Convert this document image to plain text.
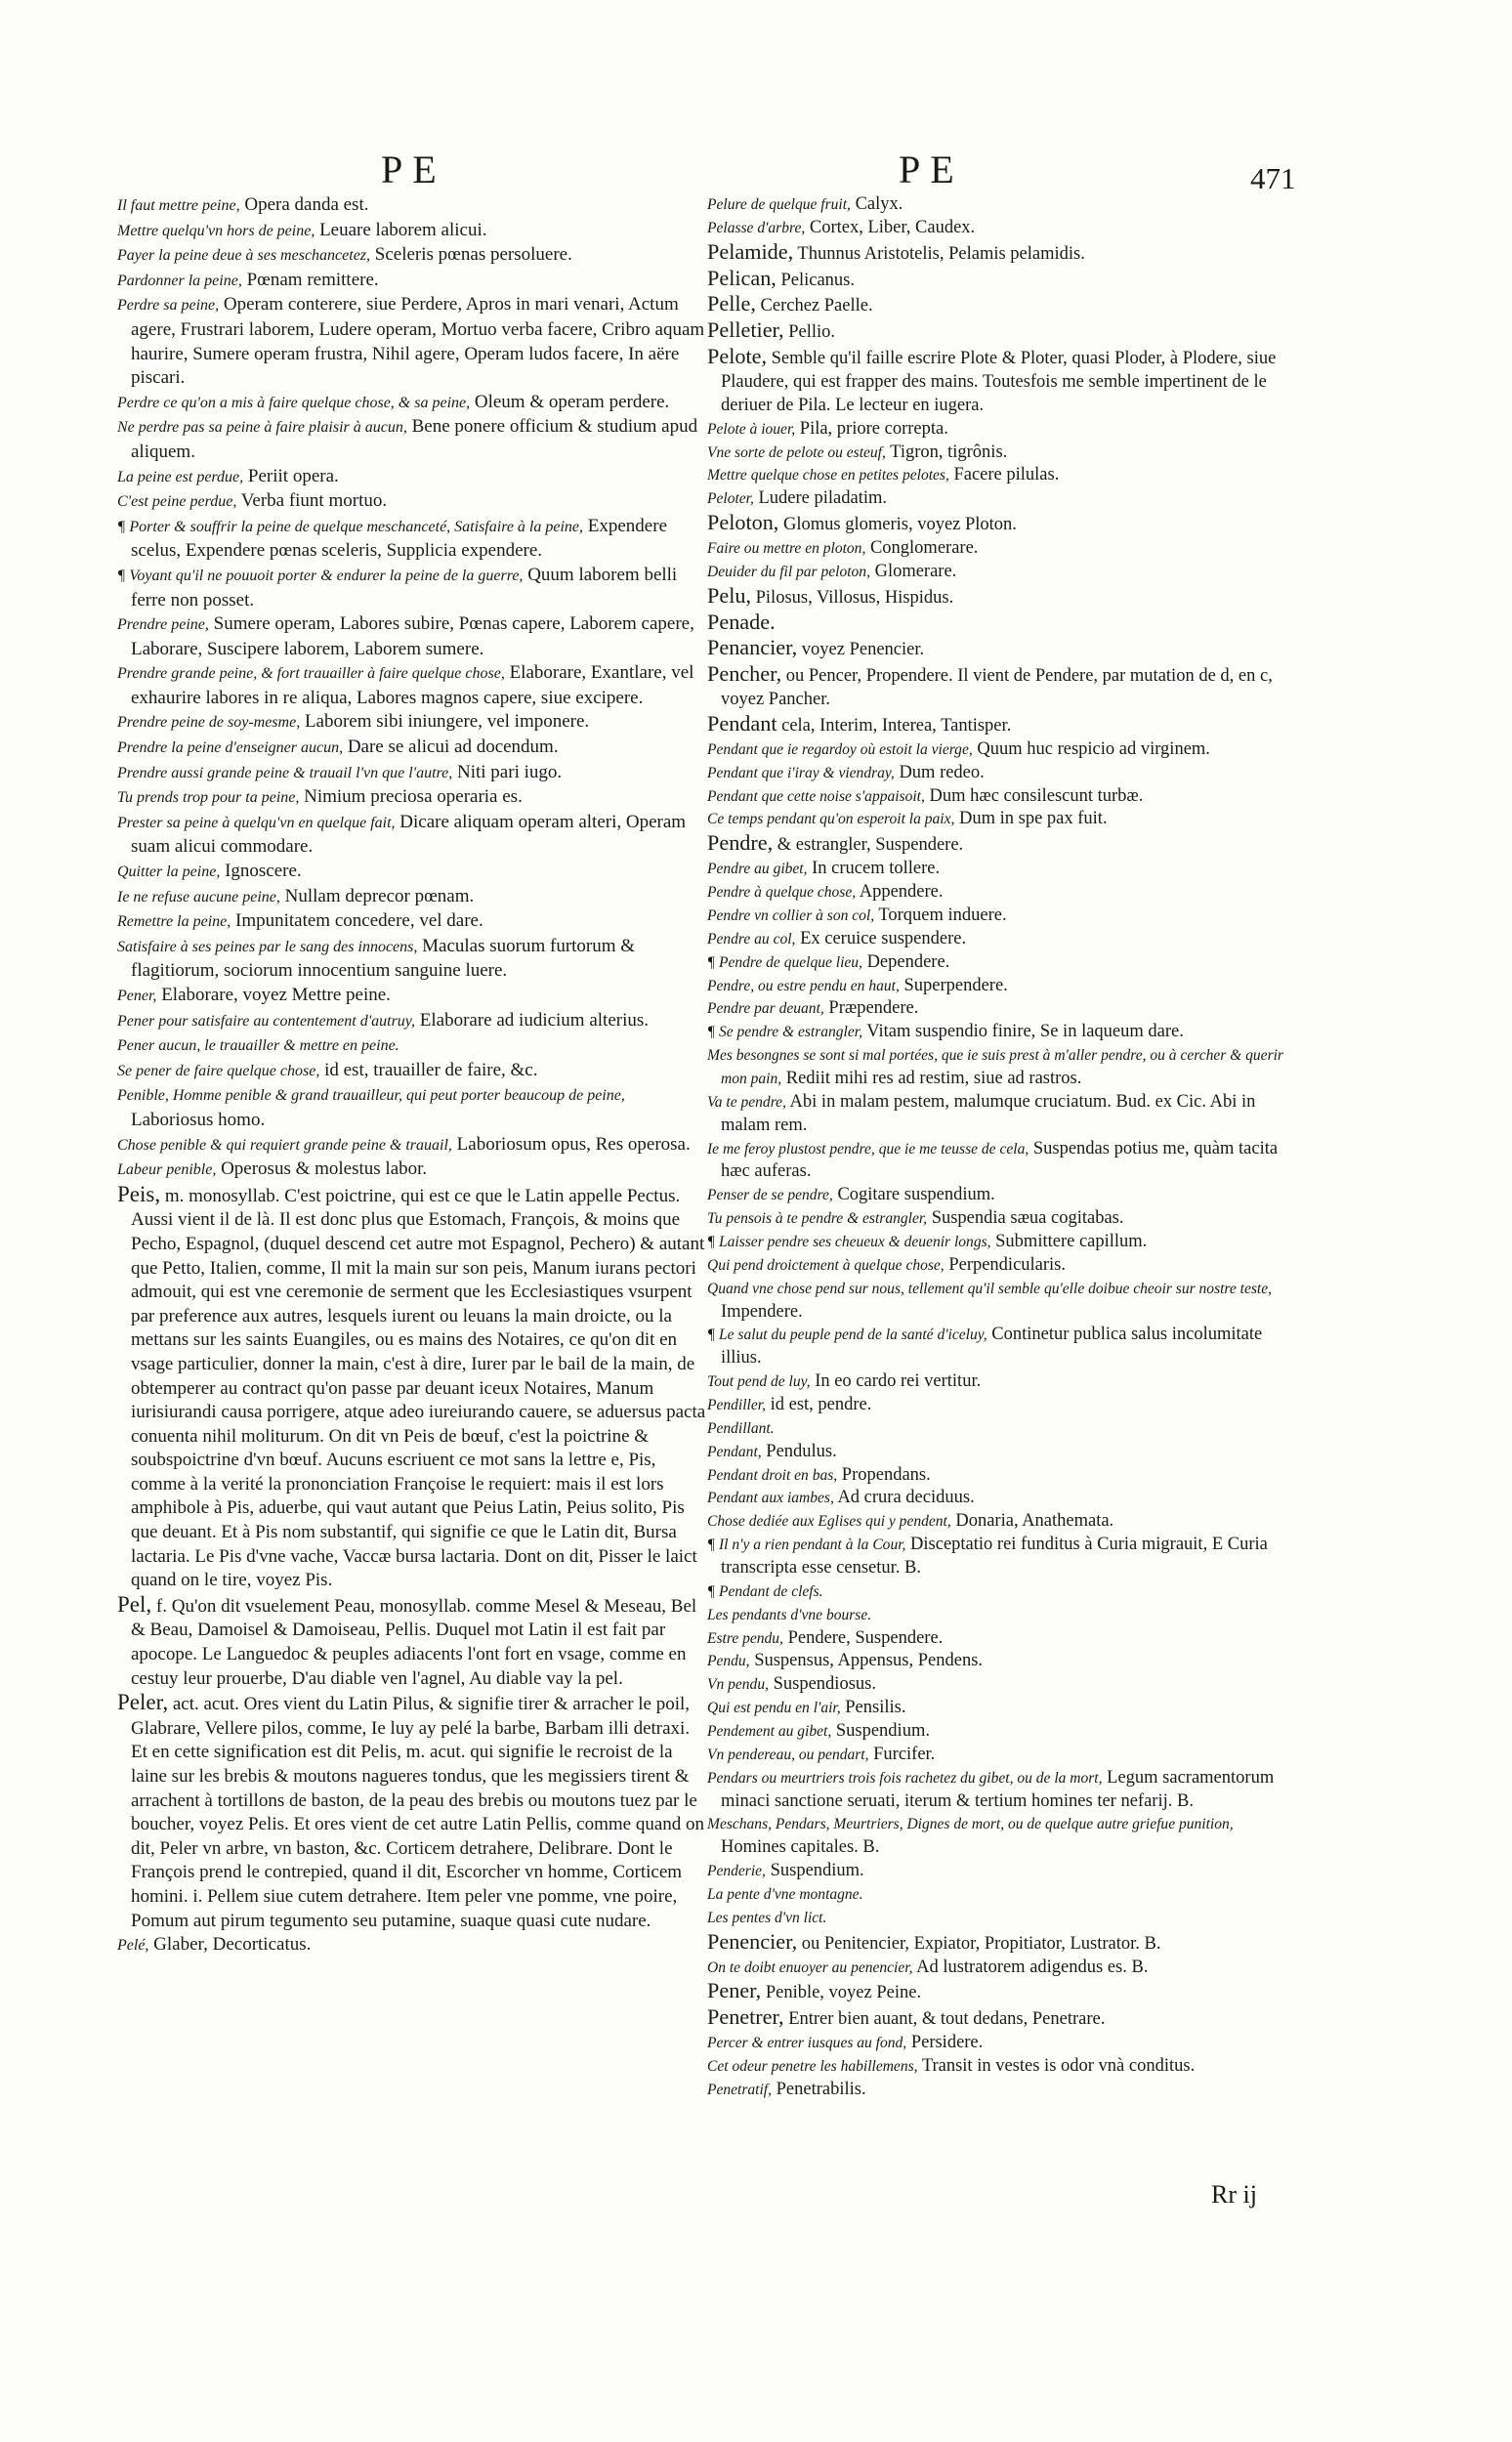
PE	PE	471

Il faut mettre peine, Opera danda est.

Mettre quelqu'vn hors de peine, Leuare laborem alicui.

Payer la peine deue à ses meschancetez, Sceleris pœnas persoluere.

Pardonner la peine, Pœnam remittere.

Perdre sa peine, Operam conterere, siue Perdere, Apros in mari venari, Actum agere, Frustrari laborem, Ludere operam, Mortuo verba facere, Cribro aquam haurire, Sumere operam frustra, Nihil agere, Operam ludos facere, In aëre piscari.

Perdre ce qu'on a mis à faire quelque chose, & sa peine, Oleum & operam perdere.

Ne perdre pas sa peine à faire plaisir à aucun, Bene ponere officium & studium apud aliquem.

La peine est perdue, Periit opera.

C'est peine perdue, Verba fiunt mortuo.

¶ Porter & souffrir la peine de quelque meschanceté, Satisfaire à la peine, Expendere scelus, Expendere pœnas sceleris, Supplicia expendere.

¶ Voyant qu'il ne pouuoit porter & endurer la peine de la guerre, Quum laborem belli ferre non posset.

Prendre peine, Sumere operam, Labores subire, Pœnas capere, Laborem capere, Laborare, Suscipere laborem, Laborem sumere.

Prendre grande peine, & fort trauailler à faire quelque chose, Elaborare, Exantlare, vel exhaurire labores in re aliqua, Labores magnos capere, siue excipere.

Prendre peine de soy-mesme, Laborem sibi iniungere, vel imponere.

Prendre la peine d'enseigner aucun, Dare se alicui ad docendum.

Prendre aussi grande peine & trauail l'vn que l'autre, Niti pari iugo.

Tu prends trop pour ta peine, Nimium preciosa operaria es.

Prester sa peine à quelqu'vn en quelque fait, Dicare aliquam operam alteri, Operam suam alicui commodare.

Quitter la peine, Ignoscere.

Ie ne refuse aucune peine, Nullam deprecor pœnam.

Remettre la peine, Impunitatem concedere, vel dare.

Satisfaire à ses peines par le sang des innocens, Maculas suorum furtorum & flagitiorum, sociorum innocentium sanguine luere.

Pener, Elaborare, voyez Mettre peine.

Pener pour satisfaire au contentement d'autruy, Elaborare ad iudicium alterius.

Pener aucun, le trauailler & mettre en peine.

Se pener de faire quelque chose, id est, trauailler de faire, &c.

Penible, Homme penible & grand trauailleur, qui peut porter beaucoup de peine, Laboriosus homo.

Chose penible & qui requiert grande peine & trauail, Laboriosum opus, Res operosa.

Labeur penible, Operosus & molestus labor.

Peis, m. monosyllab. C'est poictrine, qui est ce que le Latin appelle Pectus. Aussi vient il de là. Il est donc plus que Estomach, François, & moins que Pecho, Espagnol, (duquel descend cet autre mot Espagnol, Pechero) & autant que Petto, Italien, comme, Il mit la main sur son peis, Manum iurans pectori admouit, qui est vne ceremonie de serment que les Ecclesiastiques vsurpent par preference aux autres, lesquels iurent ou leuans la main droicte, ou la mettans sur les saints Euangiles, ou es mains des Notaires, ce qu'on dit en vsage particulier, donner la main, c'est à dire, Iurer par le bail de la main, de obtemperer au contract qu'on passe par deuant iceux Notaires, Manum iurisiurandi causa porrigere, atque adeo iureiurando cauere, se aduersus pacta conuenta nihil moliturum. On dit vn Peis de bœuf, c'est la poictrine & soubspoictrine d'vn bœuf. Aucuns escriuent ce mot sans la lettre e, Pis, comme à la verité la prononciation Françoise le requiert: mais il est lors amphibole à Pis, aduerbe, qui vaut autant que Peius Latin, Peius solito, Pis que deuant. Et à Pis nom substantif, qui signifie ce que le Latin dit, Bursa lactaria. Le Pis d'vne vache, Vaccæ bursa lactaria. Dont on dit, Pisser le laict quand on le tire, voyez Pis.

Pel, f. Qu'on dit vsuelement Peau, monosyllab. comme Mesel & Meseau, Bel & Beau, Damoisel & Damoiseau, Pellis. Duquel mot Latin il est fait par apocope. Le Languedoc & peuples adiacents l'ont fort en vsage, comme en cestuy leur prouerbe, D'au diable ven l'agnel, Au diable vay la pel.

Peler, act. acut. Ores vient du Latin Pilus, & signifie tirer & arracher le poil, Glabrare, Vellere pilos, comme, Ie luy ay pelé la barbe, Barbam illi detraxi. Et en cette signification est dit Pelis, m. acut. qui signifie le recroist de la laine sur les brebis & moutons nagueres tondus, que les megissiers tirent & arrachent à tortillons de baston, de la peau des brebis ou moutons tuez par le boucher, voyez Pelis. Et ores vient de cet autre Latin Pellis, comme quand on dit, Peler vn arbre, vn baston, &c. Corticem detrahere, Delibrare. Dont le François prend le contrepied, quand il dit, Escorcher vn homme, Corticem homini. i. Pellem siue cutem detrahere. Item peler vne pomme, vne poire, Pomum aut pirum tegumento seu putamine, suaque quasi cute nudare.

Pelé, Glaber, Decorticatus.

Pelure de quelque fruit, Calyx.

Pelasse d'arbre, Cortex, Liber, Caudex.

Pelamide, Thunnus Aristotelis, Pelamis pelamidis.

Pelican, Pelicanus.

Pelle, Cerchez Paelle.

Pelletier, Pellio.

Pelote, Semble qu'il faille escrire Plote & Ploter, quasi Ploder, à Plodere, siue Plaudere, qui est frapper des mains. Toutesfois me semble impertinent de le deriuer de Pila. Le lecteur en iugera.

Pelote à iouer, Pila, priore correpta.

Vne sorte de pelote ou esteuf, Tigron, tigrônis.

Mettre quelque chose en petites pelotes, Facere pilulas.

Peloter, Ludere piladatim.

Peloton, Glomus glomeris, voyez Ploton.

Faire ou mettre en ploton, Conglomerare.

Deuider du fil par peloton, Glomerare.

Pelu, Pilosus, Villosus, Hispidus.

Penade.

Penancier, voyez Penencier.

Pencher, ou Pencer, Propendere. Il vient de Pendere, par mutation de d, en c, voyez Pancher.

Pendant cela, Interim, Interea, Tantisper.

Pendant que ie regardoy où estoit la vierge, Quum huc respicio ad virginem.

Pendant que i'iray & viendray, Dum redeo.

Pendant que cette noise s'appaisoit, Dum hæc consilescunt turbæ.

Ce temps pendant qu'on esperoit la paix, Dum in spe pax fuit.

Pendre, & estrangler, Suspendere.

Pendre au gibet, In crucem tollere.

Pendre à quelque chose, Appendere.

Pendre vn collier à son col, Torquem induere.

Pendre au col, Ex ceruice suspendere.

¶ Pendre de quelque lieu, Dependere.

Pendre, ou estre pendu en haut, Superpendere.

Pendre par deuant, Præpendere.

¶ Se pendre & estrangler, Vitam suspendio finire, Se in laqueum dare.

Mes besongnes se sont si mal portées, que ie suis prest à m'aller pendre, ou à cercher & querir mon pain, Rediit mihi res ad restim, siue ad rastros.

Va te pendre, Abi in malam pestem, malumque cruciatum. Bud. ex Cic. Abi in malam rem.

Ie me feroy plustost pendre, que ie me teusse de cela, Suspendas potius me, quàm tacita hæc auferas.

Penser de se pendre, Cogitare suspendium.

Tu pensois à te pendre & estrangler, Suspendia sæua cogitabas.

¶ Laisser pendre ses cheueux & deuenir longs, Submittere capillum.

Qui pend droictement à quelque chose, Perpendicularis.

Quand vne chose pend sur nous, tellement qu'il semble qu'elle doibue cheoir sur nostre teste, Impendere.

¶ Le salut du peuple pend de la santé d'iceluy, Continetur publica salus incolumitate illius.

Tout pend de luy, In eo cardo rei vertitur.

Pendiller, id est, pendre.

Pendillant.

Pendant, Pendulus.

Pendant droit en bas, Propendans.

Pendant aux iambes, Ad crura deciduus.

Chose dediée aux Eglises qui y pendent, Donaria, Anathemata.

¶ Il n'y a rien pendant à la Cour, Disceptatio rei funditus à Curia migrauit, E Curia transcripta esse censetur. B.

¶ Pendant de clefs.

Les pendants d'vne bourse.

Estre pendu, Pendere, Suspendere.

Pendu, Suspensus, Appensus, Pendens.

Vn pendu, Suspendiosus.

Qui est pendu en l'air, Pensilis.

Pendement au gibet, Suspendium.

Vn pendereau, ou pendart, Furcifer.

Pendars ou meurtriers trois fois rachetez du gibet, ou de la mort, Legum sacramentorum minaci sanctione seruati, iterum & tertium homines ter nefarij. B.

Meschans, Pendars, Meurtriers, Dignes de mort, ou de quelque autre griefue punition, Homines capitales. B.

Penderie, Suspendium.

La pente d'vne montagne.

Les pentes d'vn lict.

Penencier, ou Penitencier, Expiator, Propitiator, Lustrator. B.

On te doibt enuoyer au penencier, Ad lustratorem adigendus es. B.

Pener, Penible, voyez Peine.

Penetrer, Entrer bien auant, & tout dedans, Penetrare.

Percer & entrer iusques au fond, Persidere.

Cet odeur penetre les habillemens, Transit in vestes is odor vnà conditus.

Penetratif, Penetrabilis.

Rr ij
